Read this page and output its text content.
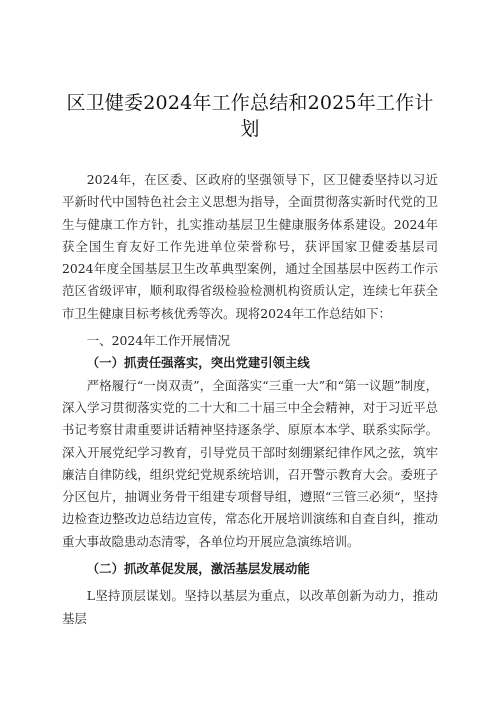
区卫健委2024年工作总结和2025年工作计划

2024年，在区委、区政府的坚强领导下，区卫健委坚持以习近平新时代中国特色社会主义思想为指导，全面贯彻落实新时代党的卫生与健康工作方针，扎实推动基层卫生健康服务体系建设。2024年获全国生育友好工作先进单位荣誉称号，获评国家卫健委基层司2024年度全国基层卫生改革典型案例，通过全国基层中医药工作示范区省级评审，顺利取得省级检验检测机构资质认定，连续七年获全市卫生健康目标考核优秀等次。现将2024年工作总结如下：

一、2024年工作开展情况

（一）抓责任强落实，突出党建引领主线

严格履行“一岗双责”，全面落实“三重一大”和“第一议题”制度，深入学习贯彻落实党的二十大和二十届三中全会精神，对于习近平总书记考察甘肃重要讲话精神坚持逐条学、原原本本学、联系实际学。深入开展党纪学习教育，引导党员干部时刻绷紧纪律作风之弦，筑牢廉洁自律防线，组织党纪党规系统培训，召开警示教育大会。委班子分区包片，抽调业务骨干组建专项督导组，遵照“三管三必须“，坚持边检查边整改边总结边宣传，常态化开展培训演练和自查自纠，推动重大事故隐患动态清零，各单位均开展应急演练培训。

（二）抓改革促发展，激活基层发展动能

L坚持顶层谋划。坚持以基层为重点，以改革创新为动力，推动基层
